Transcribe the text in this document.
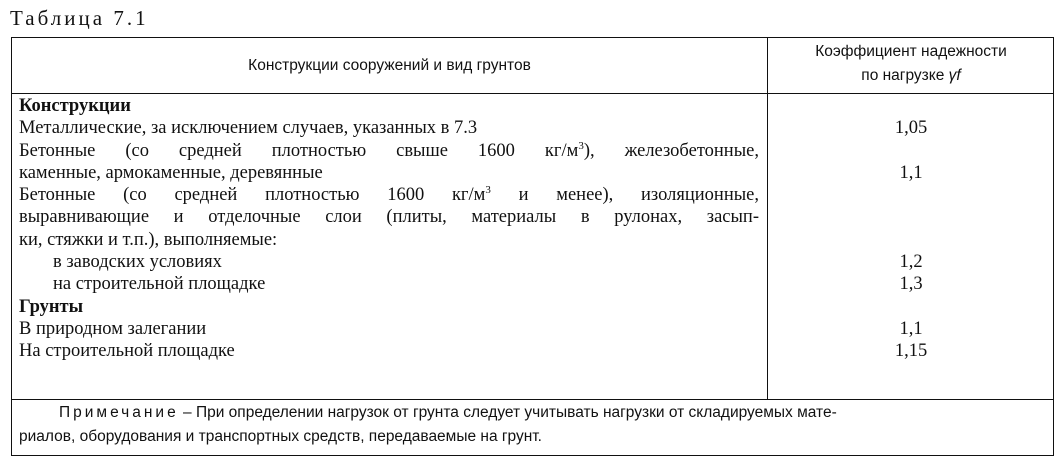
Таблица 7.1
Конструкции сооружений и вид грунтов
Коэффициент надежности
по нагрузке γf
Конструкции
Металлические, за исключением случаев, указанных в 7.3
Бетонные (со средней плотностью свыше 1600 $кг/м^3$), железобетонные,
каменные, армокаменные, деревянные
Бетонные (со средней плотностью 1600 $кг/м^3$ и менее), изоляционные,
выравнивающие и отделочные слои (плиты, материалы в рулонах, засып-
ки, стяжки и т.п.), выполняемые:
в заводских условиях
на строительной площадке
Грунты
В природном залегании
На строительной площадке
1,05
1,1
1,2
1,3
1,1
1,15
Примечание – При определении нагрузок от грунта следует учитывать нагрузки от складируемых мате-
риалов, оборудования и транспортных средств, передаваемые на грунт.
